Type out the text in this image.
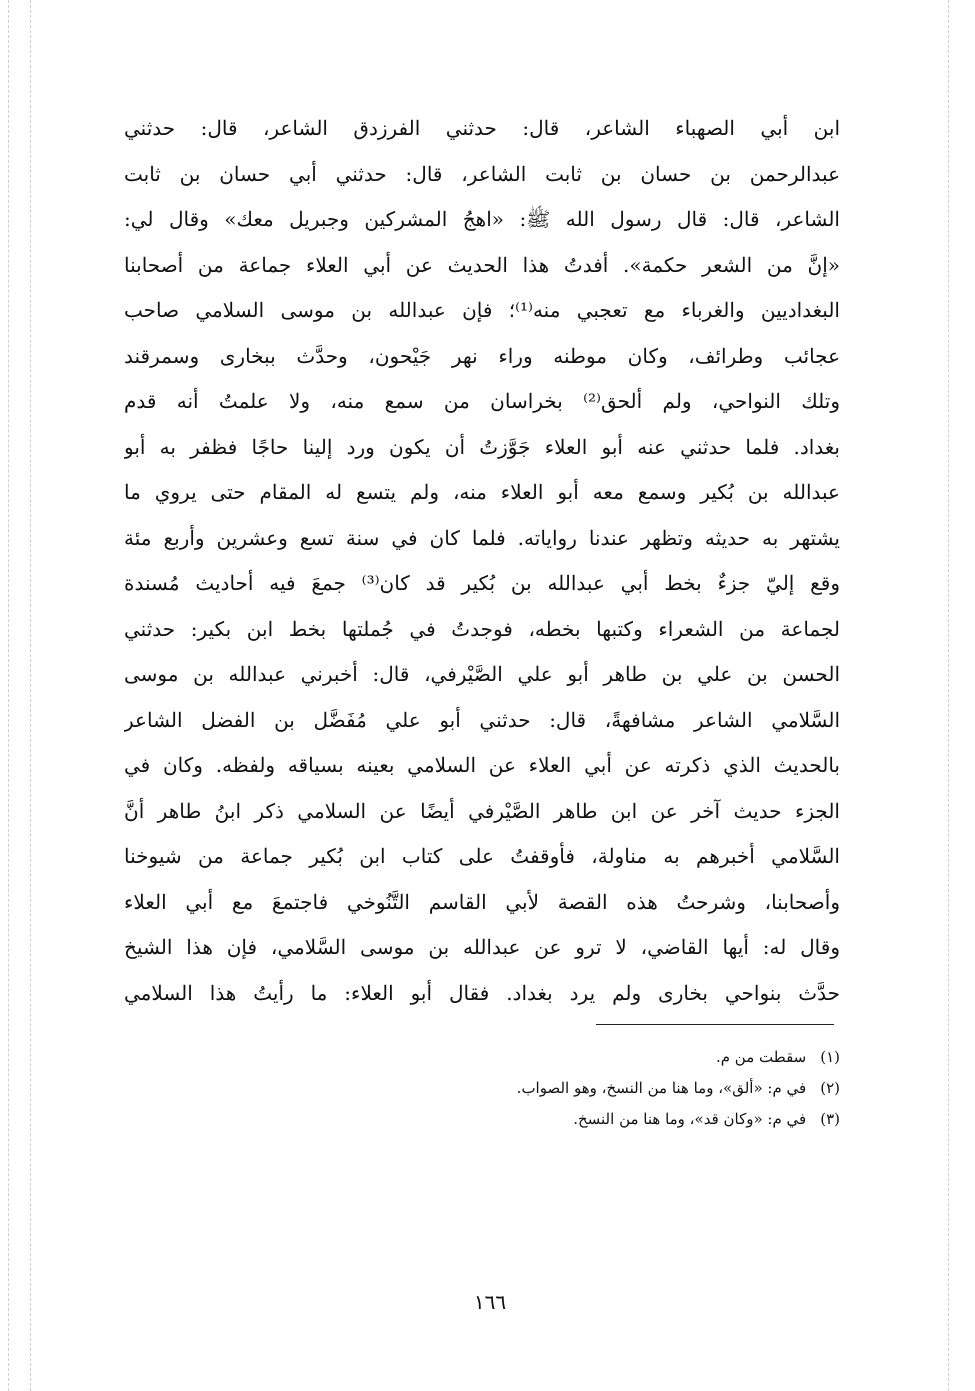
ابن أبي الصهباء الشاعر، قال: حدثني الفرزدق الشاعر، قال: حدثني
عبدالرحمن بن حسان بن ثابت الشاعر، قال: حدثني أبي حسان بن ثابت
الشاعر، قال: قال رسول الله ﷺ: «اهجُ المشركين وجبريل معك» وقال لي:
«إنَّ من الشعر حكمة». أفدتُ هذا الحديث عن أبي العلاء جماعة من أصحابنا
البغداديين والغرباء مع تعجبي منه⁽¹⁾؛ فإن عبدالله بن موسى السلامي صاحب
عجائب وطرائف، وكان موطنه وراء نهر جَيْحون، وحدَّث ببخارى وسمرقند
وتلك النواحي، ولم ألحق⁽²⁾ بخراسان من سمع منه، ولا علمتُ أنه قدم
بغداد. فلما حدثني عنه أبو العلاء جَوَّزتُ أن يكون ورد إلينا حاجًا فظفر به أبو
عبدالله بن بُكير وسمع معه أبو العلاء منه، ولم يتسع له المقام حتى يروي ما
يشتهر به حديثه وتظهر عندنا رواياته. فلما كان في سنة تسع وعشرين وأربع مئة
وقع إليّ جزءٌ بخط أبي عبدالله بن بُكير قد كان⁽³⁾ جمعَ فيه أحاديث مُسندة
لجماعة من الشعراء وكتبها بخطه، فوجدتُ في جُملتها بخط ابن بكير: حدثني
الحسن بن علي بن طاهر أبو علي الصَّيْرفي، قال: أخبرني عبدالله بن موسى
السَّلامي الشاعر مشافهةً، قال: حدثني أبو علي مُفَضَّل بن الفضل الشاعر
بالحديث الذي ذكرته عن أبي العلاء عن السلامي بعينه بسياقه ولفظه. وكان في
الجزء حديث آخر عن ابن طاهر الصَّيْرفي أيضًا عن السلامي ذكر ابنُ طاهر أنَّ
السَّلامي أخبرهم به مناولة، فأوقفتُ على كتاب ابن بُكير جماعة من شيوخنا
وأصحابنا، وشرحتُ هذه القصة لأبي القاسم التَّنُوخي فاجتمعَ مع أبي العلاء
وقال له: أيها القاضي، لا ترو عن عبدالله بن موسى السَّلامي، فإن هذا الشيخ
حدَّث بنواحي بخارى ولم يرد بغداد. فقال أبو العلاء: ما رأيتُ هذا السلامي
(١)سقطت من م.
(٢)في م: «ألق»، وما هنا من النسخ، وهو الصواب.
(٣)في م: «وكان قد»، وما هنا من النسخ.
١٦٦
